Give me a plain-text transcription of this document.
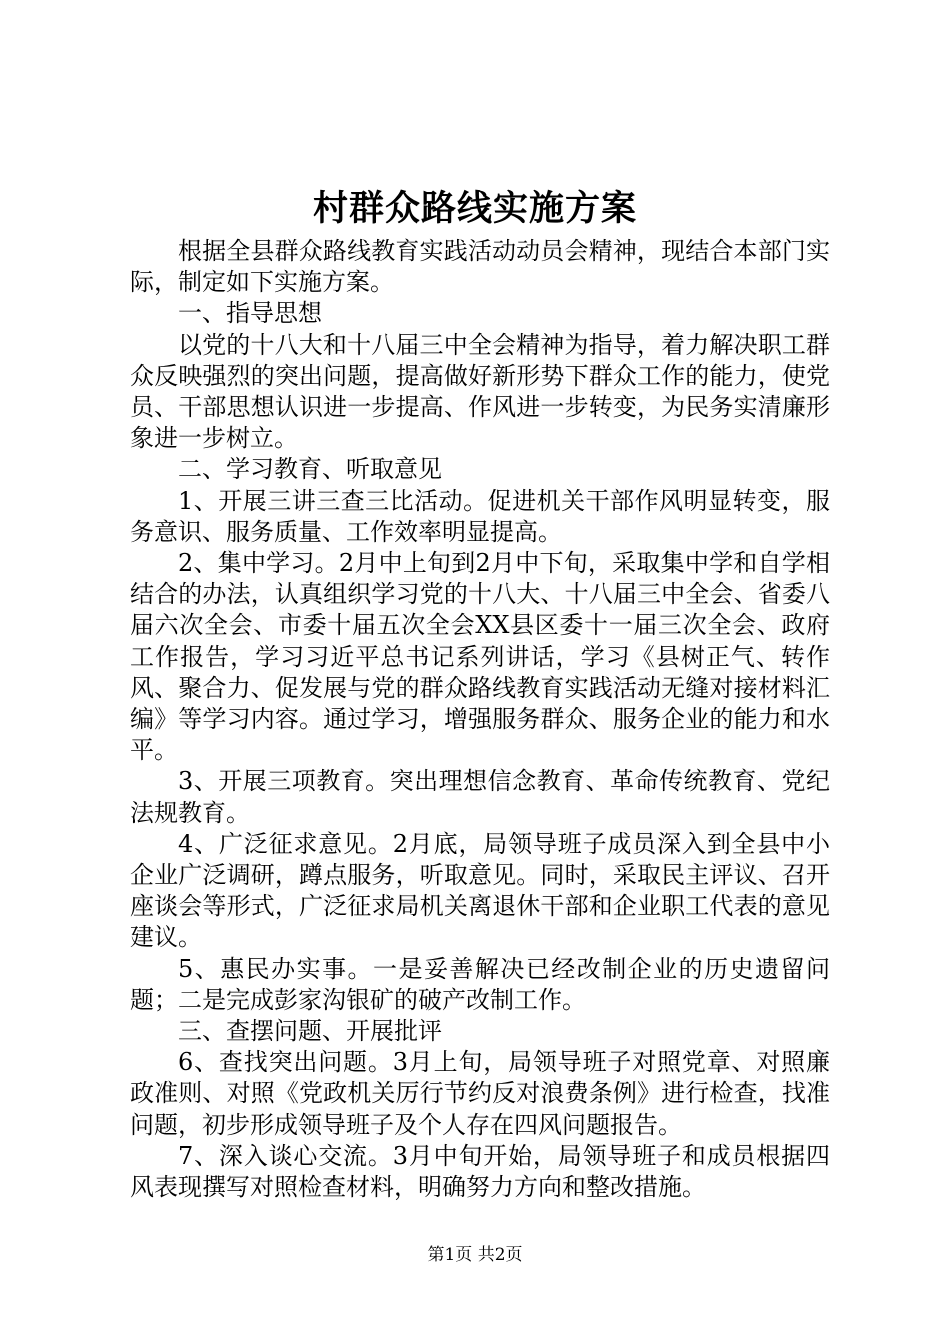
村群众路线实施方案

根据全县群众路线教育实践活动动员会精神，现结合本部门实际，制定如下实施方案。

一、指导思想

以党的十八大和十八届三中全会精神为指导，着力解决职工群众反映强烈的突出问题，提高做好新形势下群众工作的能力，使党员、干部思想认识进一步提高、作风进一步转变，为民务实清廉形象进一步树立。

二、学习教育、听取意见

1、开展三讲三查三比活动。促进机关干部作风明显转变，服务意识、服务质量、工作效率明显提高。

2、集中学习。2月中上旬到2月中下旬，采取集中学和自学相结合的办法，认真组织学习党的十八大、十八届三中全会、省委八届六次全会、市委十届五次全会XX县区委十一届三次全会、政府工作报告，学习习近平总书记系列讲话，学习《县树正气、转作风、聚合力、促发展与党的群众路线教育实践活动无缝对接材料汇编》等学习内容。通过学习，增强服务群众、服务企业的能力和水平。

3、开展三项教育。突出理想信念教育、革命传统教育、党纪法规教育。

4、广泛征求意见。2月底，局领导班子成员深入到全县中小企业广泛调研，蹲点服务，听取意见。同时，采取民主评议、召开座谈会等形式，广泛征求局机关离退休干部和企业职工代表的意见建议。

5、惠民办实事。一是妥善解决已经改制企业的历史遗留问题；二是完成彭家沟银矿的破产改制工作。

三、查摆问题、开展批评

6、查找突出问题。3月上旬，局领导班子对照党章、对照廉政准则、对照《党政机关厉行节约反对浪费条例》进行检查，找准问题，初步形成领导班子及个人存在四风问题报告。

7、深入谈心交流。3月中旬开始，局领导班子和成员根据四风表现撰写对照检查材料，明确努力方向和整改措施。

第1页 共2页
